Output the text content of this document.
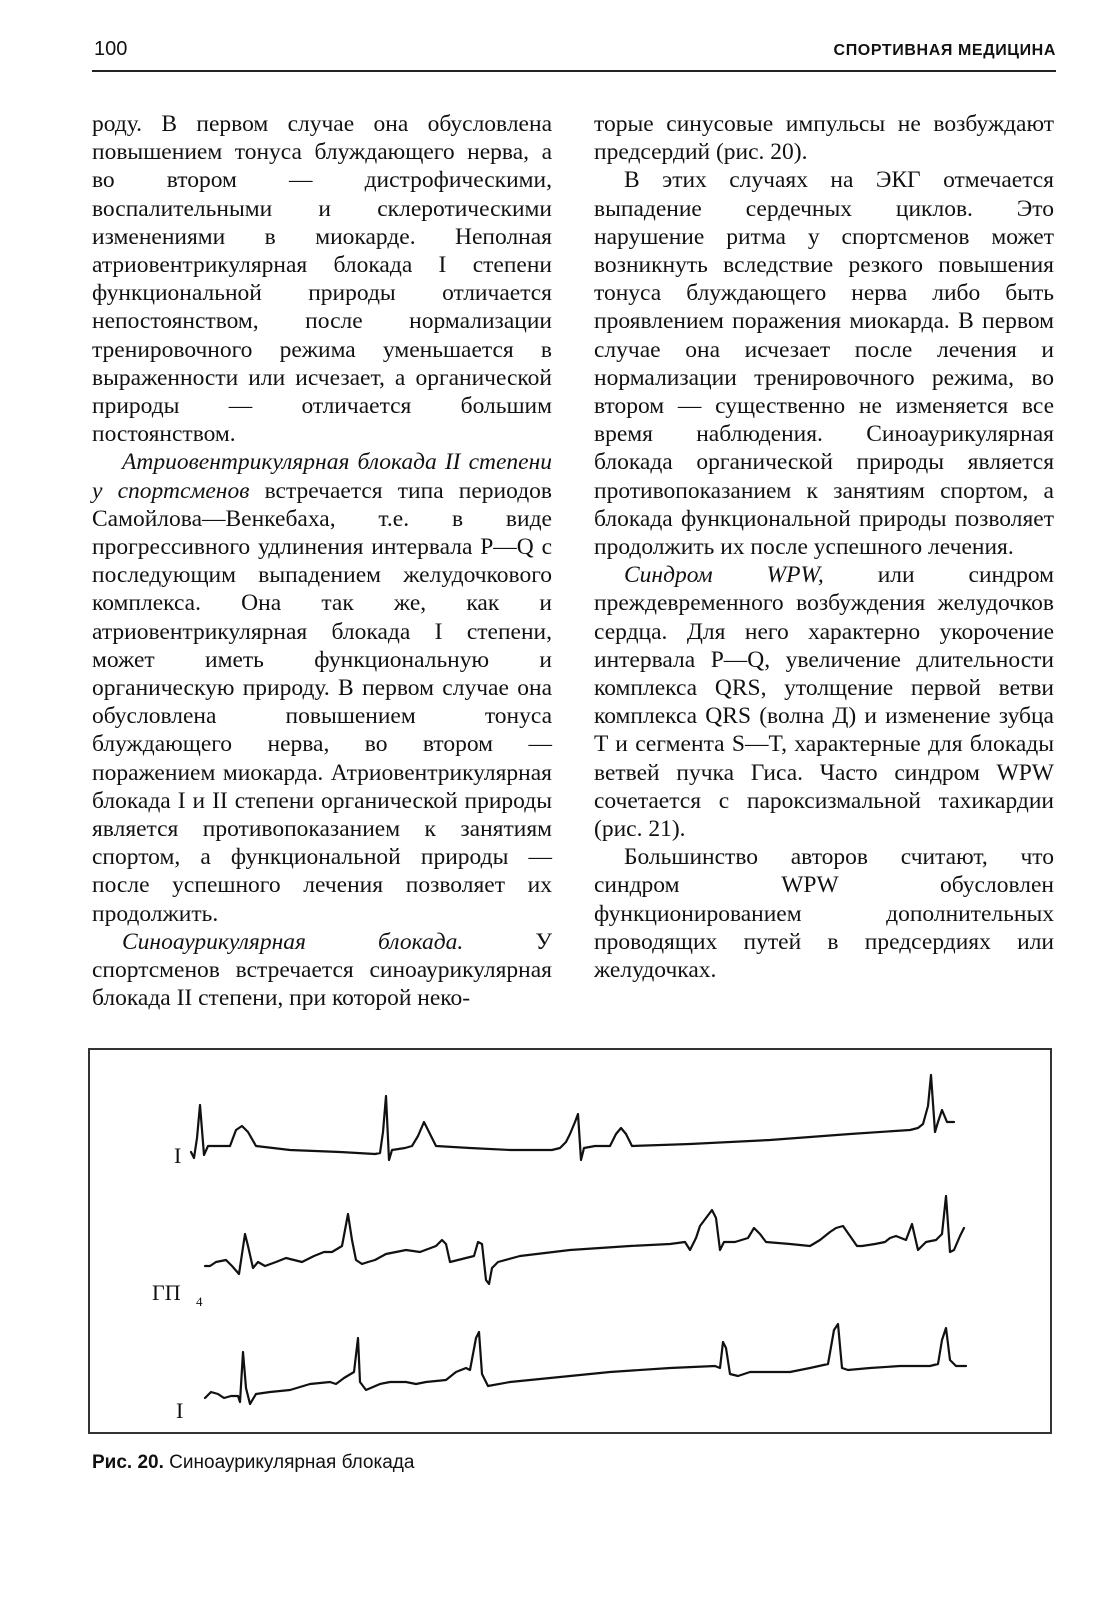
100	СПОРТИВНАЯ МЕДИЦИНА

роду. В первом случае она обусловлена повышением тонуса блуждающего нерва, а во втором — дистрофическими, воспалительными и склеротическими изменениями в миокарде. Неполная атриовентрикулярная блокада I степени функциональной природы отличается непостоянством, после нормализации тренировочного режима уменьшается в выраженности или исчезает, а органической природы — отличается большим постоянством.

Атриовентрикулярная блокада II степени у спортсменов встречается типа периодов Самойлова—Венкебаха, т.е. в виде прогрессивного удлинения интервала P—Q с последующим выпадением желудочкового комплекса. Она так же, как и атриовентрикулярная блокада I степени, может иметь функциональную и органическую природу. В первом случае она обусловлена повышением тонуса блуждающего нерва, во втором — поражением миокарда. Атриовентрикулярная блокада I и II степени органической природы является противопоказанием к занятиям спортом, а функциональной природы — после успешного лечения позволяет их продолжить.

Синоаурикулярная блокада.	У спортсменов встречается синоаурикулярная блокада II степени, при которой неко-

торые синусовые импульсы не возбуждают предсердий (рис. 20).

В этих случаях на ЭКГ отмечается выпадение сердечных циклов. Это нарушение ритма у спортсменов может возникнуть вследствие резкого повышения тонуса блуждающего нерва либо быть проявлением поражения миокарда. В первом случае она исчезает после лечения и нормализации тренировочного режима, во втором — существенно не изменяется все время наблюдения. Синоаурикулярная блокада органической природы является противопоказанием к занятиям спортом, а блокада функциональной природы позволяет продолжить их после успешного лечения.

Синдром WPW, или синдром преждевременного возбуждения желудочков сердца. Для него характерно укорочение интервала P—Q, увеличение длительности комплекса QRS, утолщение первой ветви комплекса QRS (волна Д) и изменение зубца T и сегмента S—T, характерные для блокады ветвей пучка Гиса. Часто синдром WPW сочетается с пароксизмальной тахикардии (рис. 21).

Большинство авторов считают, что синдром WPW обусловлен функционированием дополнительных проводящих путей в предсердиях или желудочках.

I
ГП 4
I
Рис. 20. Синоаурикулярная блокада
